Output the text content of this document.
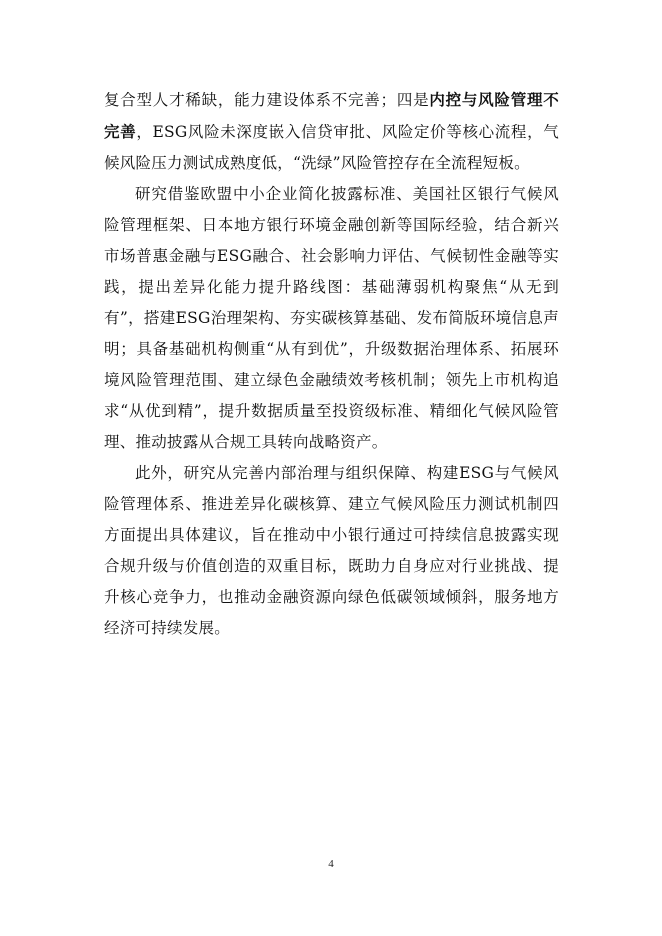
复合型人才稀缺，能力建设体系不完善；四是内控与风险管理不完善，ESG风险未深度嵌入信贷审批、风险定价等核心流程，气候风险压力测试成熟度低，“洗绿”风险管控存在全流程短板。

研究借鉴欧盟中小企业简化披露标准、美国社区银行气候风险管理框架、日本地方银行环境金融创新等国际经验，结合新兴市场普惠金融与ESG融合、社会影响力评估、气候韧性金融等实践，提出差异化能力提升路线图：基础薄弱机构聚焦“从无到有”，搭建ESG治理架构、夯实碳核算基础、发布简版环境信息声明；具备基础机构侧重“从有到优”，升级数据治理体系、拓展环境风险管理范围、建立绿色金融绩效考核机制；领先上市机构追求“从优到精”，提升数据质量至投资级标准、精细化气候风险管理、推动披露从合规工具转向战略资产。

此外，研究从完善内部治理与组织保障、构建ESG与气候风险管理体系、推进差异化碳核算、建立气候风险压力测试机制四方面提出具体建议，旨在推动中小银行通过可持续信息披露实现合规升级与价值创造的双重目标，既助力自身应对行业挑战、提升核心竞争力，也推动金融资源向绿色低碳领域倾斜，服务地方经济可持续发展。

4
